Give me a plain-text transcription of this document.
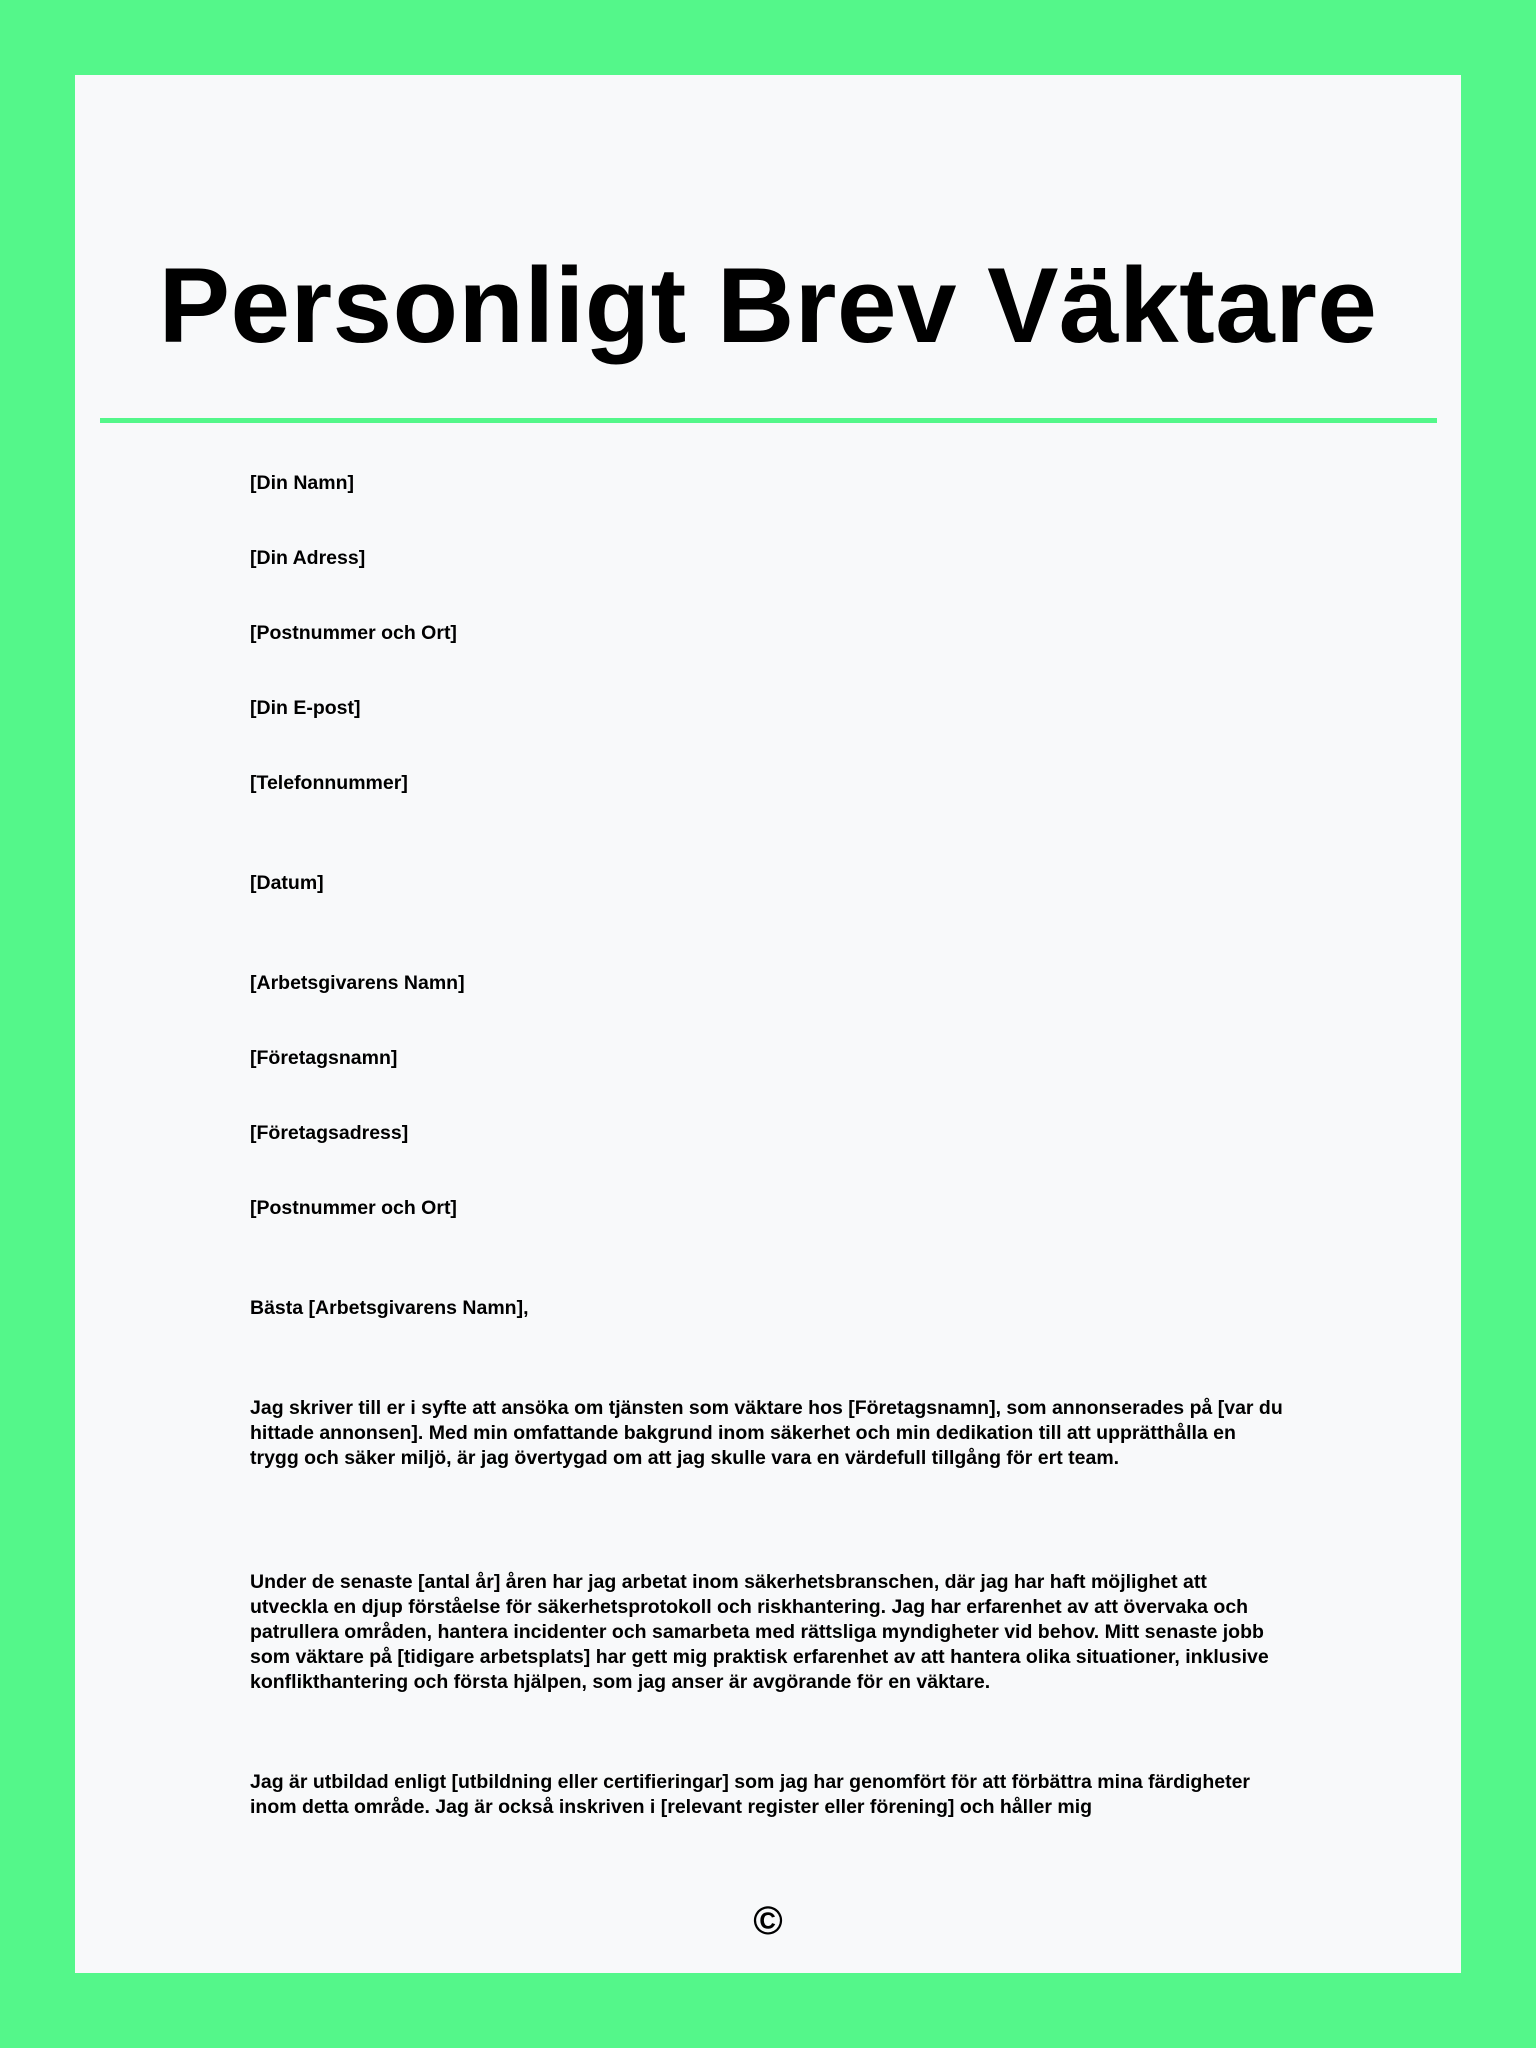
Personligt Brev Väktare
[Din Namn]
[Din Adress]
[Postnummer och Ort]
[Din E-post]
[Telefonnummer]
[Datum]
[Arbetsgivarens Namn]
[Företagsnamn]
[Företagsadress]
[Postnummer och Ort]
Bästa [Arbetsgivarens Namn],
Jag skriver till er i syfte att ansöka om tjänsten som väktare hos [Företagsnamn], som annonserades på [var du hittade annonsen]. Med min omfattande bakgrund inom säkerhet och min dedikation till att upprätthålla en trygg och säker miljö, är jag övertygad om att jag skulle vara en värdefull tillgång för ert team.
Under de senaste [antal år] åren har jag arbetat inom säkerhetsbranschen, där jag har haft möjlighet att utveckla en djup förståelse för säkerhetsprotokoll och riskhantering. Jag har erfarenhet av att övervaka och patrullera områden, hantera incidenter och samarbeta med rättsliga myndigheter vid behov. Mitt senaste jobb som väktare på [tidigare arbetsplats] har gett mig praktisk erfarenhet av att hantera olika situationer, inklusive konflikthantering och första hjälpen, som jag anser är avgörande för en väktare.
Jag är utbildad enligt [utbildning eller certifieringar] som jag har genomfört för att förbättra mina färdigheter inom detta område. Jag är också inskriven i [relevant register eller förening] och håller mig
©
